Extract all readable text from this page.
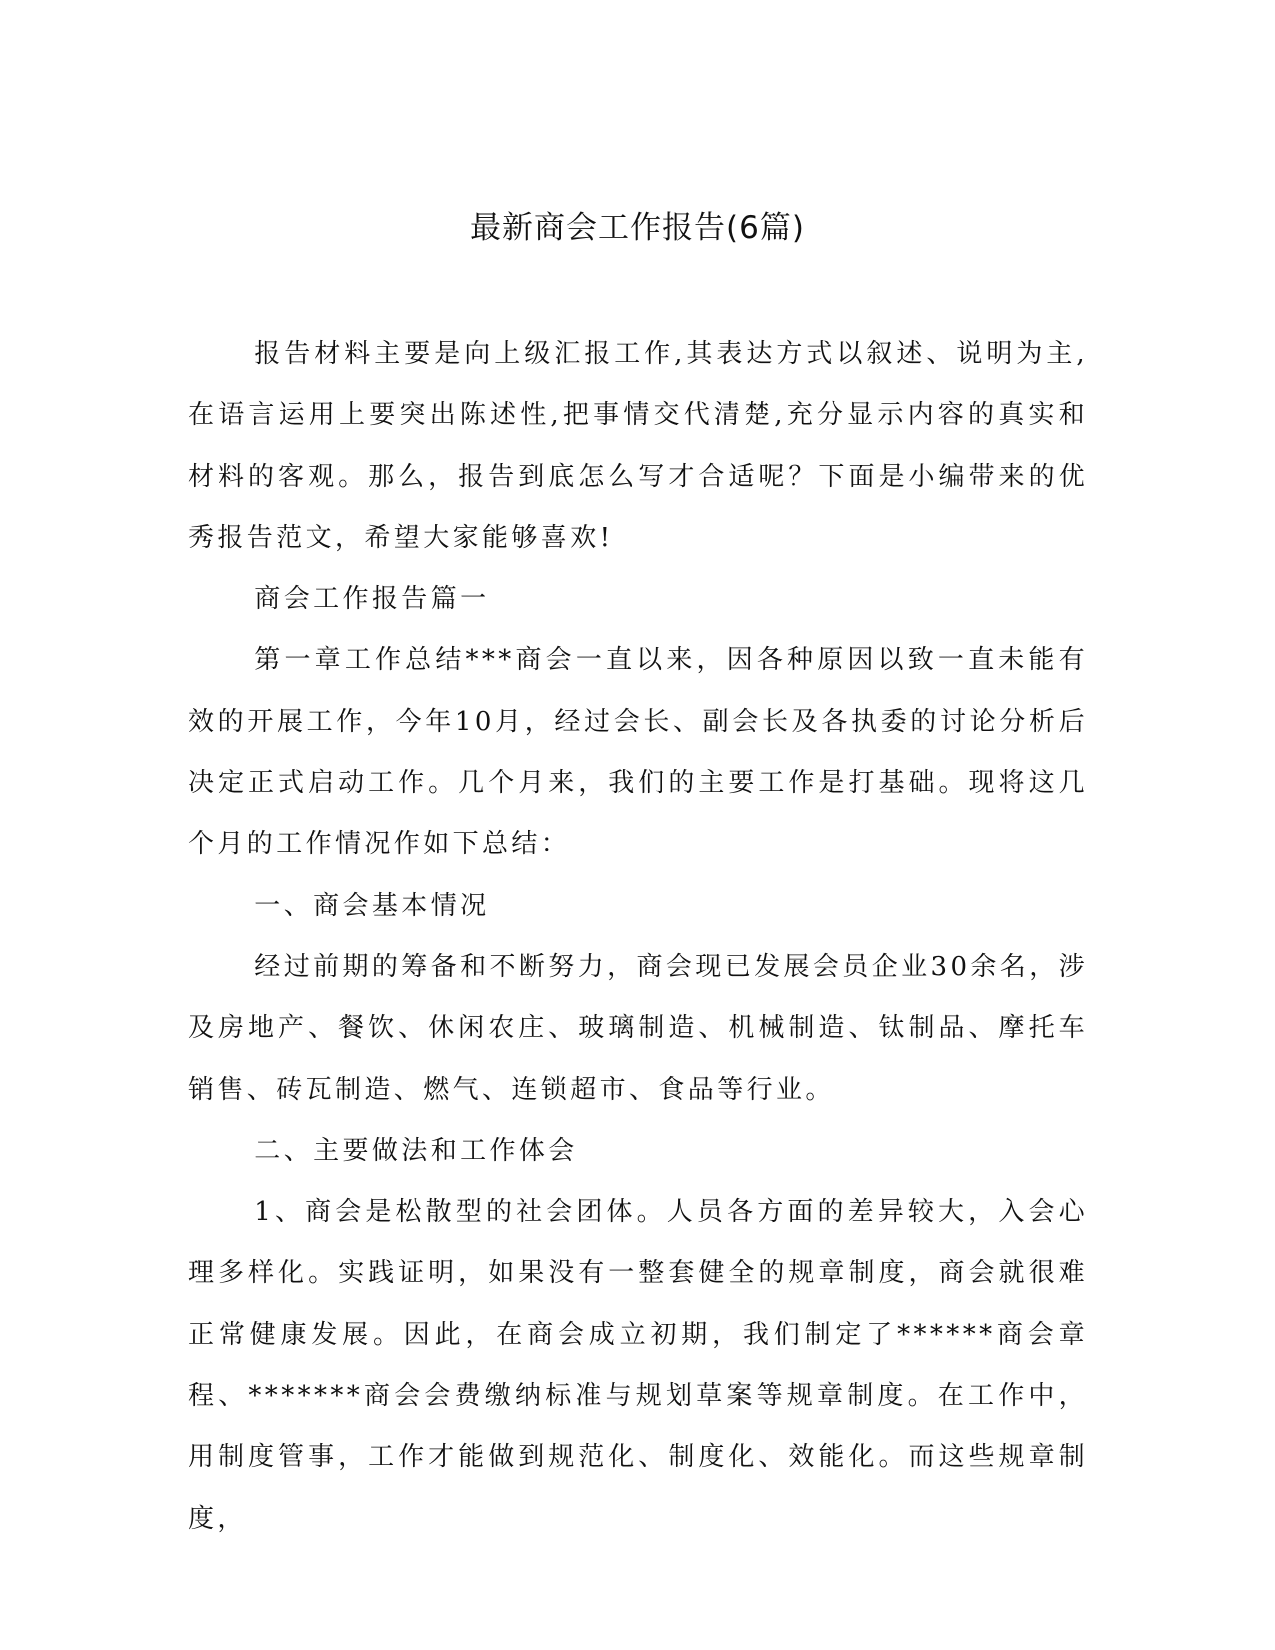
最新商会工作报告(6篇)

报告材料主要是向上级汇报工作,其表达方式以叙述、说明为主,在语言运用上要突出陈述性,把事情交代清楚,充分显示内容的真实和材料的客观。那么，报告到底怎么写才合适呢？下面是小编带来的优秀报告范文，希望大家能够喜欢!

商会工作报告篇一

第一章工作总结***商会一直以来，因各种原因以致一直未能有效的开展工作，今年10月，经过会长、副会长及各执委的讨论分析后决定正式启动工作。几个月来，我们的主要工作是打基础。现将这几个月的工作情况作如下总结：

一、商会基本情况

经过前期的筹备和不断努力，商会现已发展会员企业30余名，涉及房地产、餐饮、休闲农庄、玻璃制造、机械制造、钛制品、摩托车销售、砖瓦制造、燃气、连锁超市、食品等行业。

二、主要做法和工作体会

1、商会是松散型的社会团体。人员各方面的差异较大，入会心理多样化。实践证明，如果没有一整套健全的规章制度，商会就很难正常健康发展。因此，在商会成立初期，我们制定了******商会章程、*******商会会费缴纳标准与规划草案等规章制度。在工作中，用制度管事，工作才能做到规范化、制度化、效能化。而这些规章制度，
